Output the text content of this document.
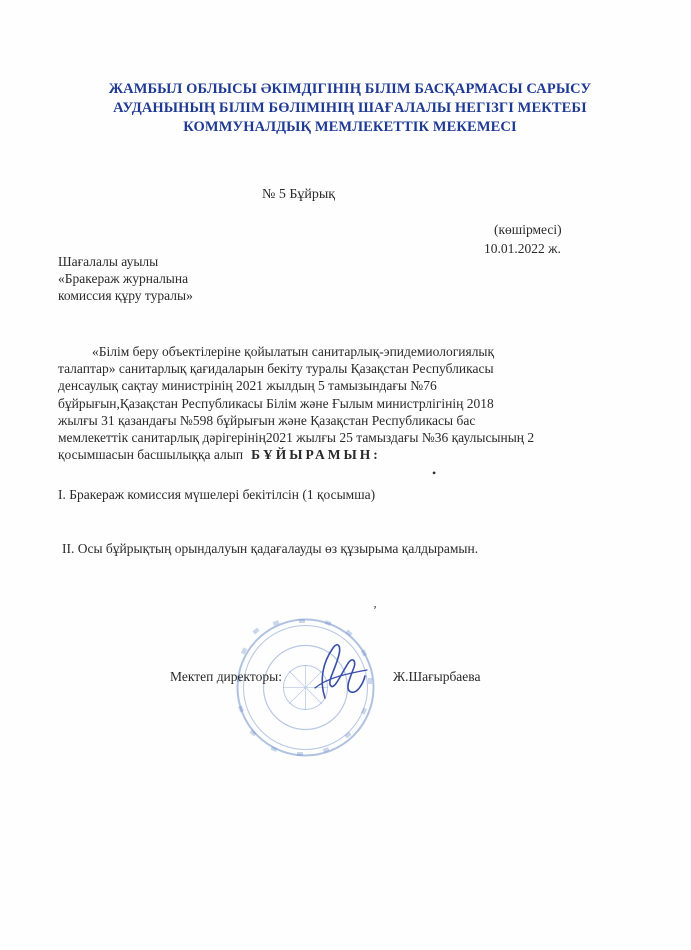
ЖАМБЫЛ ОБЛЫСЫ ӘКІМДІГІНІҢ БІЛІМ БАСҚАРМАСЫ САРЫСУ
АУДАНЫНЫҢ БІЛІМ БӨЛІМІНІҢ ШАҒАЛАЛЫ НЕГІЗГІ МЕКТЕБІ
КОММУНАЛДЫҚ МЕМЛЕКЕТТІК МЕКЕМЕСІ
№ 5 Бұйрық
(көшірмесі)
10.01.2022 ж.
Шағалалы ауылы
«Бракераж журналына
комиссия құру туралы»
«Білім беру объектілеріне қойылатын санитарлық-эпидемиологиялық
талаптар» санитарлық қағидаларын бекіту туралы Қазақстан Республикасы
денсаулық сақтау министрінің 2021 жылдың 5 тамызындағы №76
бұйрығын,Қазақстан Республикасы Білім және Ғылым министрлігінің 2018
жылғы 31 қазандағы №598 бұйрығын және Қазақстан Республикасы бас
мемлекеттік санитарлық дәрігерінің2021 жылғы 25 тамыздағы №36 қаулысының 2
қосымшасын басшылыққа алып БҰЙЫРАМЫН:
•
I. Бракераж комиссия мүшелері бекітілсін (1 қосымша)
II. Осы бұйрықтың орындалуын қадағалауды өз құзырыма қалдырамын.
ʼ
Мектеп директоры:	Ж.Шағырбаева
